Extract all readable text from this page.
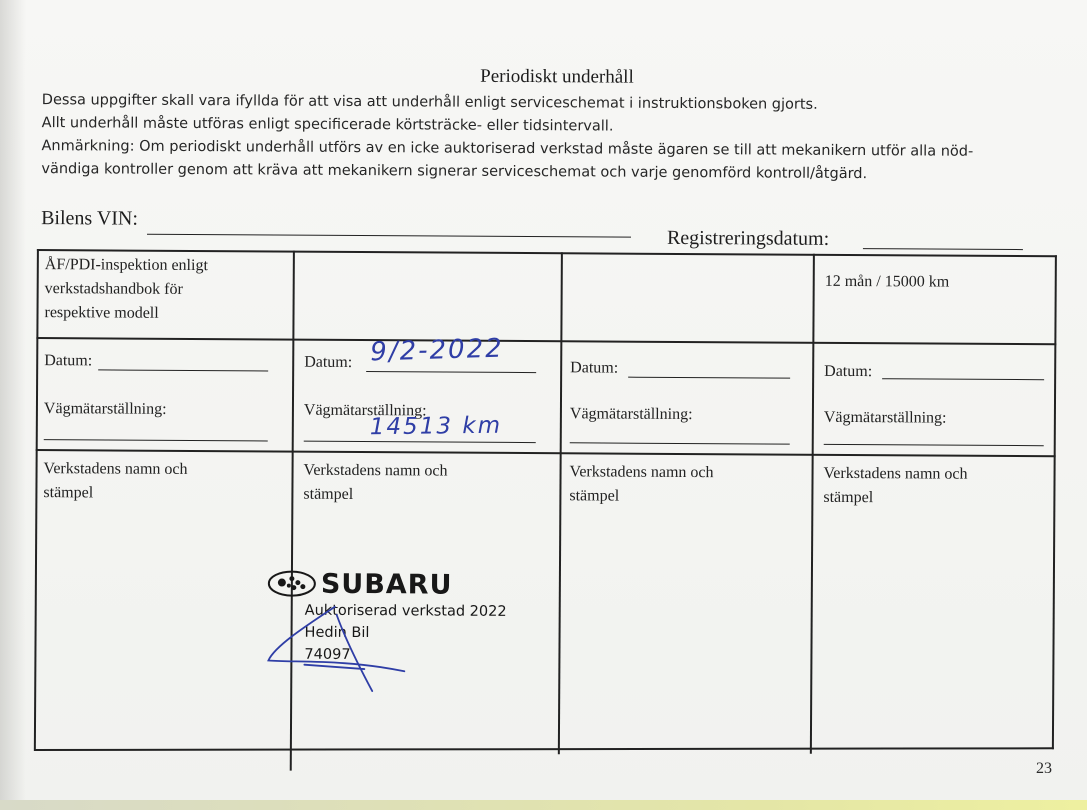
Periodiskt underhåll

Dessa uppgifter skall vara ifyllda för att visa att underhåll enligt serviceschemat i instruktionsboken gjorts.

Allt underhåll måste utföras enligt specificerade körtsträcke- eller tidsintervall.

Anmärkning: Om periodiskt underhåll utförs av en icke auktoriserad verkstad måste ägaren se till att mekanikern utför alla nöd-

vändiga kontroller genom att kräva att mekanikern signerar serviceschemat och varje genomförd kontroll/åtgärd.

Bilens VIN:
Registreringsdatum:
ÅF/PDI-inspektion enligt
verkstadshandbok för
respektive modell
12 mån / 15000 km
Datum:
Vägmätarställning:
Datum:
Vägmätarställning:
Datum:
Vägmätarställning:
Datum:
Vägmätarställning:
Verkstadens namn och
stämpel
Verkstadens namn och
stämpel
Verkstadens namn och
stämpel
Verkstadens namn och
stämpel
9/2-2022
14513 km
SUBARU
Auktoriserad verkstad 2022
Hedin Bil
74097
23
